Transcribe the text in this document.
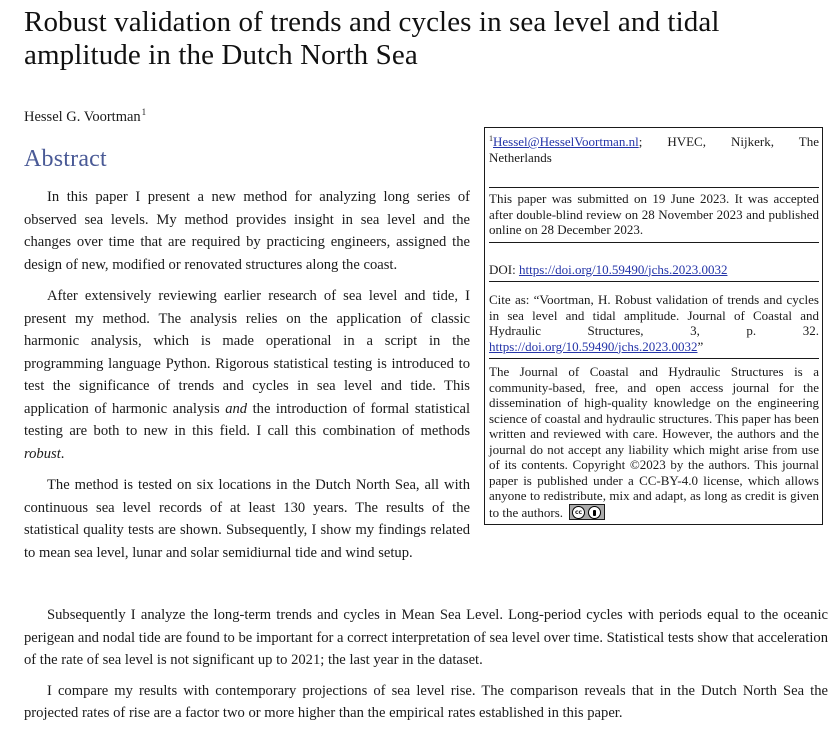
Robust validation of trends and cycles in sea level and tidal amplitude in the Dutch North Sea
Hessel G. Voortman$^1$
Abstract

In this paper I present a new method for analyzing long series of observed sea levels. My method provides insight in sea level and the changes over time that are required by practicing engineers, assigned the design of new, modified or renovated structures along the coast.

After extensively reviewing earlier research of sea level and tide, I present my method. The analysis relies on the application of classic harmonic analysis, which is made operational in a script in the programming language Python. Rigorous statistical testing is introduced to test the significance of trends and cycles in sea level and tide. This application of harmonic analysis and the introduction of formal statistical testing are both to new in this field. I call this combination of methods robust.

The method is tested on six locations in the Dutch North Sea, all with continuous sea level records of at least 130 years. The results of the statistical quality tests are shown. Subsequently, I show my findings related to mean sea level, lunar and solar semidiurnal tide and wind setup.

$^1$Hessel@HesselVoortman.nl; HVEC, Nijkerk, The Netherlands
This paper was submitted on 19 June 2023. It was accepted after double-blind review on 28 November 2023 and published online on 28 December 2023.
DOI: https://doi.org/10.59490/jchs.2023.0032
Cite as: “Voortman, H. Robust validation of trends and cycles in sea level and tidal amplitude. Journal of Coastal and Hydraulic Structures, 3, p. 32. https://doi.org/10.59490/jchs.2023.0032”
The Journal of Coastal and Hydraulic Structures is a community-based, free, and open access journal for the dissemination of high-quality knowledge on the engineering science of coastal and hydraulic structures. This paper has been written and reviewed with care. However, the authors and the journal do not accept any liability which might arise from use of its contents. Copyright ©2023 by the authors. This journal paper is published under a CC-BY-4.0 license, which allows anyone to redistribute, mix and adapt, as long as credit is given to the authors.	cc

Subsequently I analyze the long-term trends and cycles in Mean Sea Level. Long-period cycles with periods equal to the oceanic perigean and nodal tide are found to be important for a correct interpretation of sea level over time. Statistical tests show that acceleration of the rate of sea level is not significant up to 2021; the last year in the dataset.

I compare my results with contemporary projections of sea level rise. The comparison reveals that in the Dutch North Sea the projected rates of rise are a factor two or more higher than the empirical rates established in this paper.
